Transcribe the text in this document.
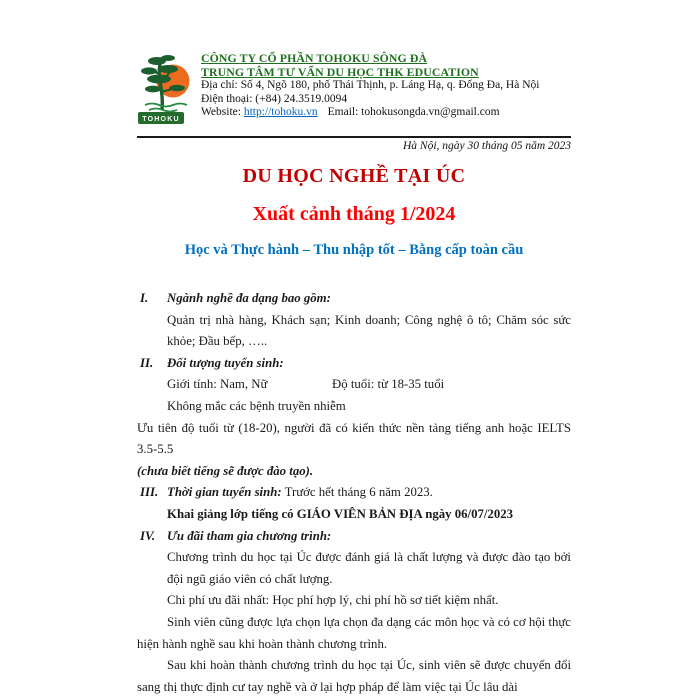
TOHOKU
CÔNG TY CỔ PHẦN TOHOKU SÔNG ĐÀ
TRUNG TÂM TƯ VẤN DU HỌC THK EDUCATION
Địa chỉ: Số 4, Ngõ 180, phố Thái Thịnh, p. Láng Hạ, q. Đống Đa, Hà Nội
Điện thoại: (+84) 24.3519.0094
Website: http://tohoku.vn Email: tohokusongda.vn@gmail.com
Hà Nội, ngày 30 tháng 05 năm 2023
DU HỌC NGHỀ TẠI ÚC
Xuất cảnh tháng 1/2024
Học và Thực hành – Thu nhập tốt – Bằng cấp toàn cầu
I.	Ngành nghề đa dạng bao gồm:
Quản trị nhà hàng, Khách sạn; Kinh doanh; Công nghệ ô tô; Chăm sóc sức khỏe; Đầu bếp, …..
II.	Đối tượng tuyển sinh:
Giới tính: Nam, Nữ	Độ tuổi: từ 18-35 tuổi
Không mắc các bệnh truyền nhiễm
Ưu tiên độ tuổi từ (18-20), người đã có kiến thức nền tảng tiếng anh hoặc IELTS 3.5-5.5
(chưa biết tiếng sẽ được đào tạo).
III. Thời gian tuyển sinh: Trước hết tháng 6 năm 2023.
Khai giảng lớp tiếng có GIÁO VIÊN BẢN ĐỊA ngày 06/07/2023
IV. Ưu đãi tham gia chương trình:
Chương trình du học tại Úc được đánh giá là chất lượng và được đào tạo bởi đội ngũ giáo viên có chất lượng.
Chi phí ưu đãi nhất: Học phí hợp lý, chi phí hồ sơ tiết kiệm nhất.
Sinh viên cũng được lựa chọn lựa chọn đa dạng các môn học và có cơ hội thực hiện hành nghề sau khi hoàn thành chương trình.
Sau khi hoàn thành chương trình du học tại Úc, sinh viên sẽ được chuyển đổi sang thị thực định cư tay nghề và ở lại hợp pháp để làm việc tại Úc lâu dài
